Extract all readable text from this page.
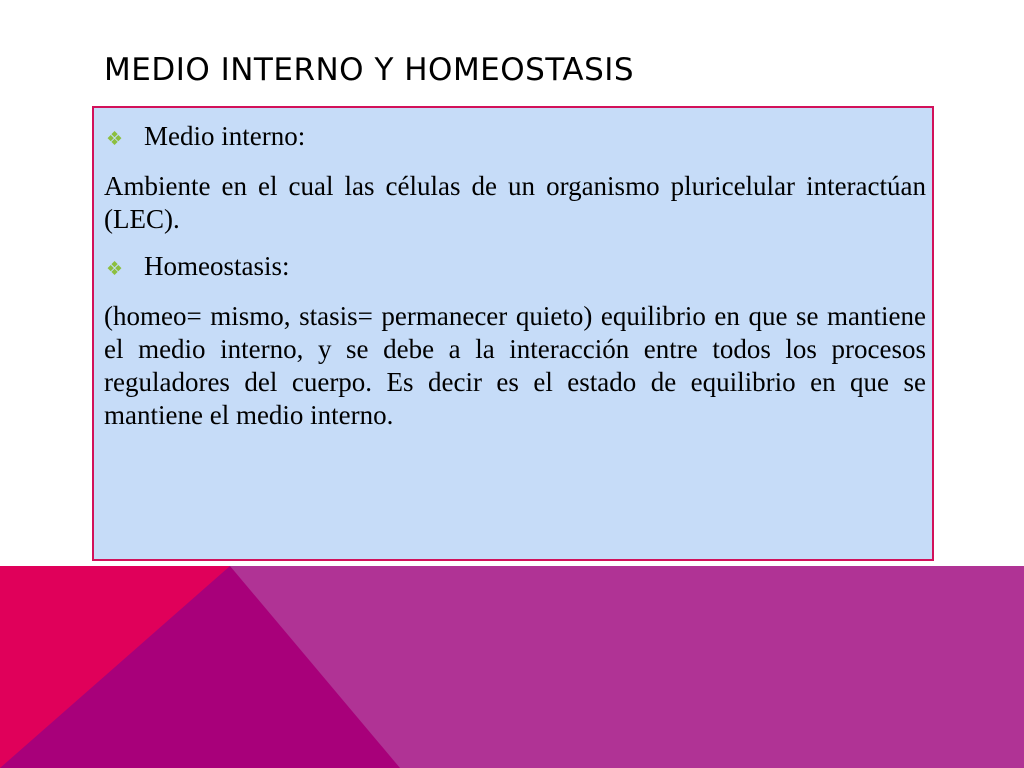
MEDIO INTERNO Y HOMEOSTASIS
❖ Medio interno:

Ambiente en el cual las células de un organismo pluricelular interactúan (LEC).

❖ Homeostasis:

(homeo= mismo, stasis= permanecer quieto) equilibrio en que se mantiene el medio interno, y se debe a la interacción entre todos los procesos reguladores del cuerpo. Es decir es el estado de equilibrio en que se mantiene el medio interno.
